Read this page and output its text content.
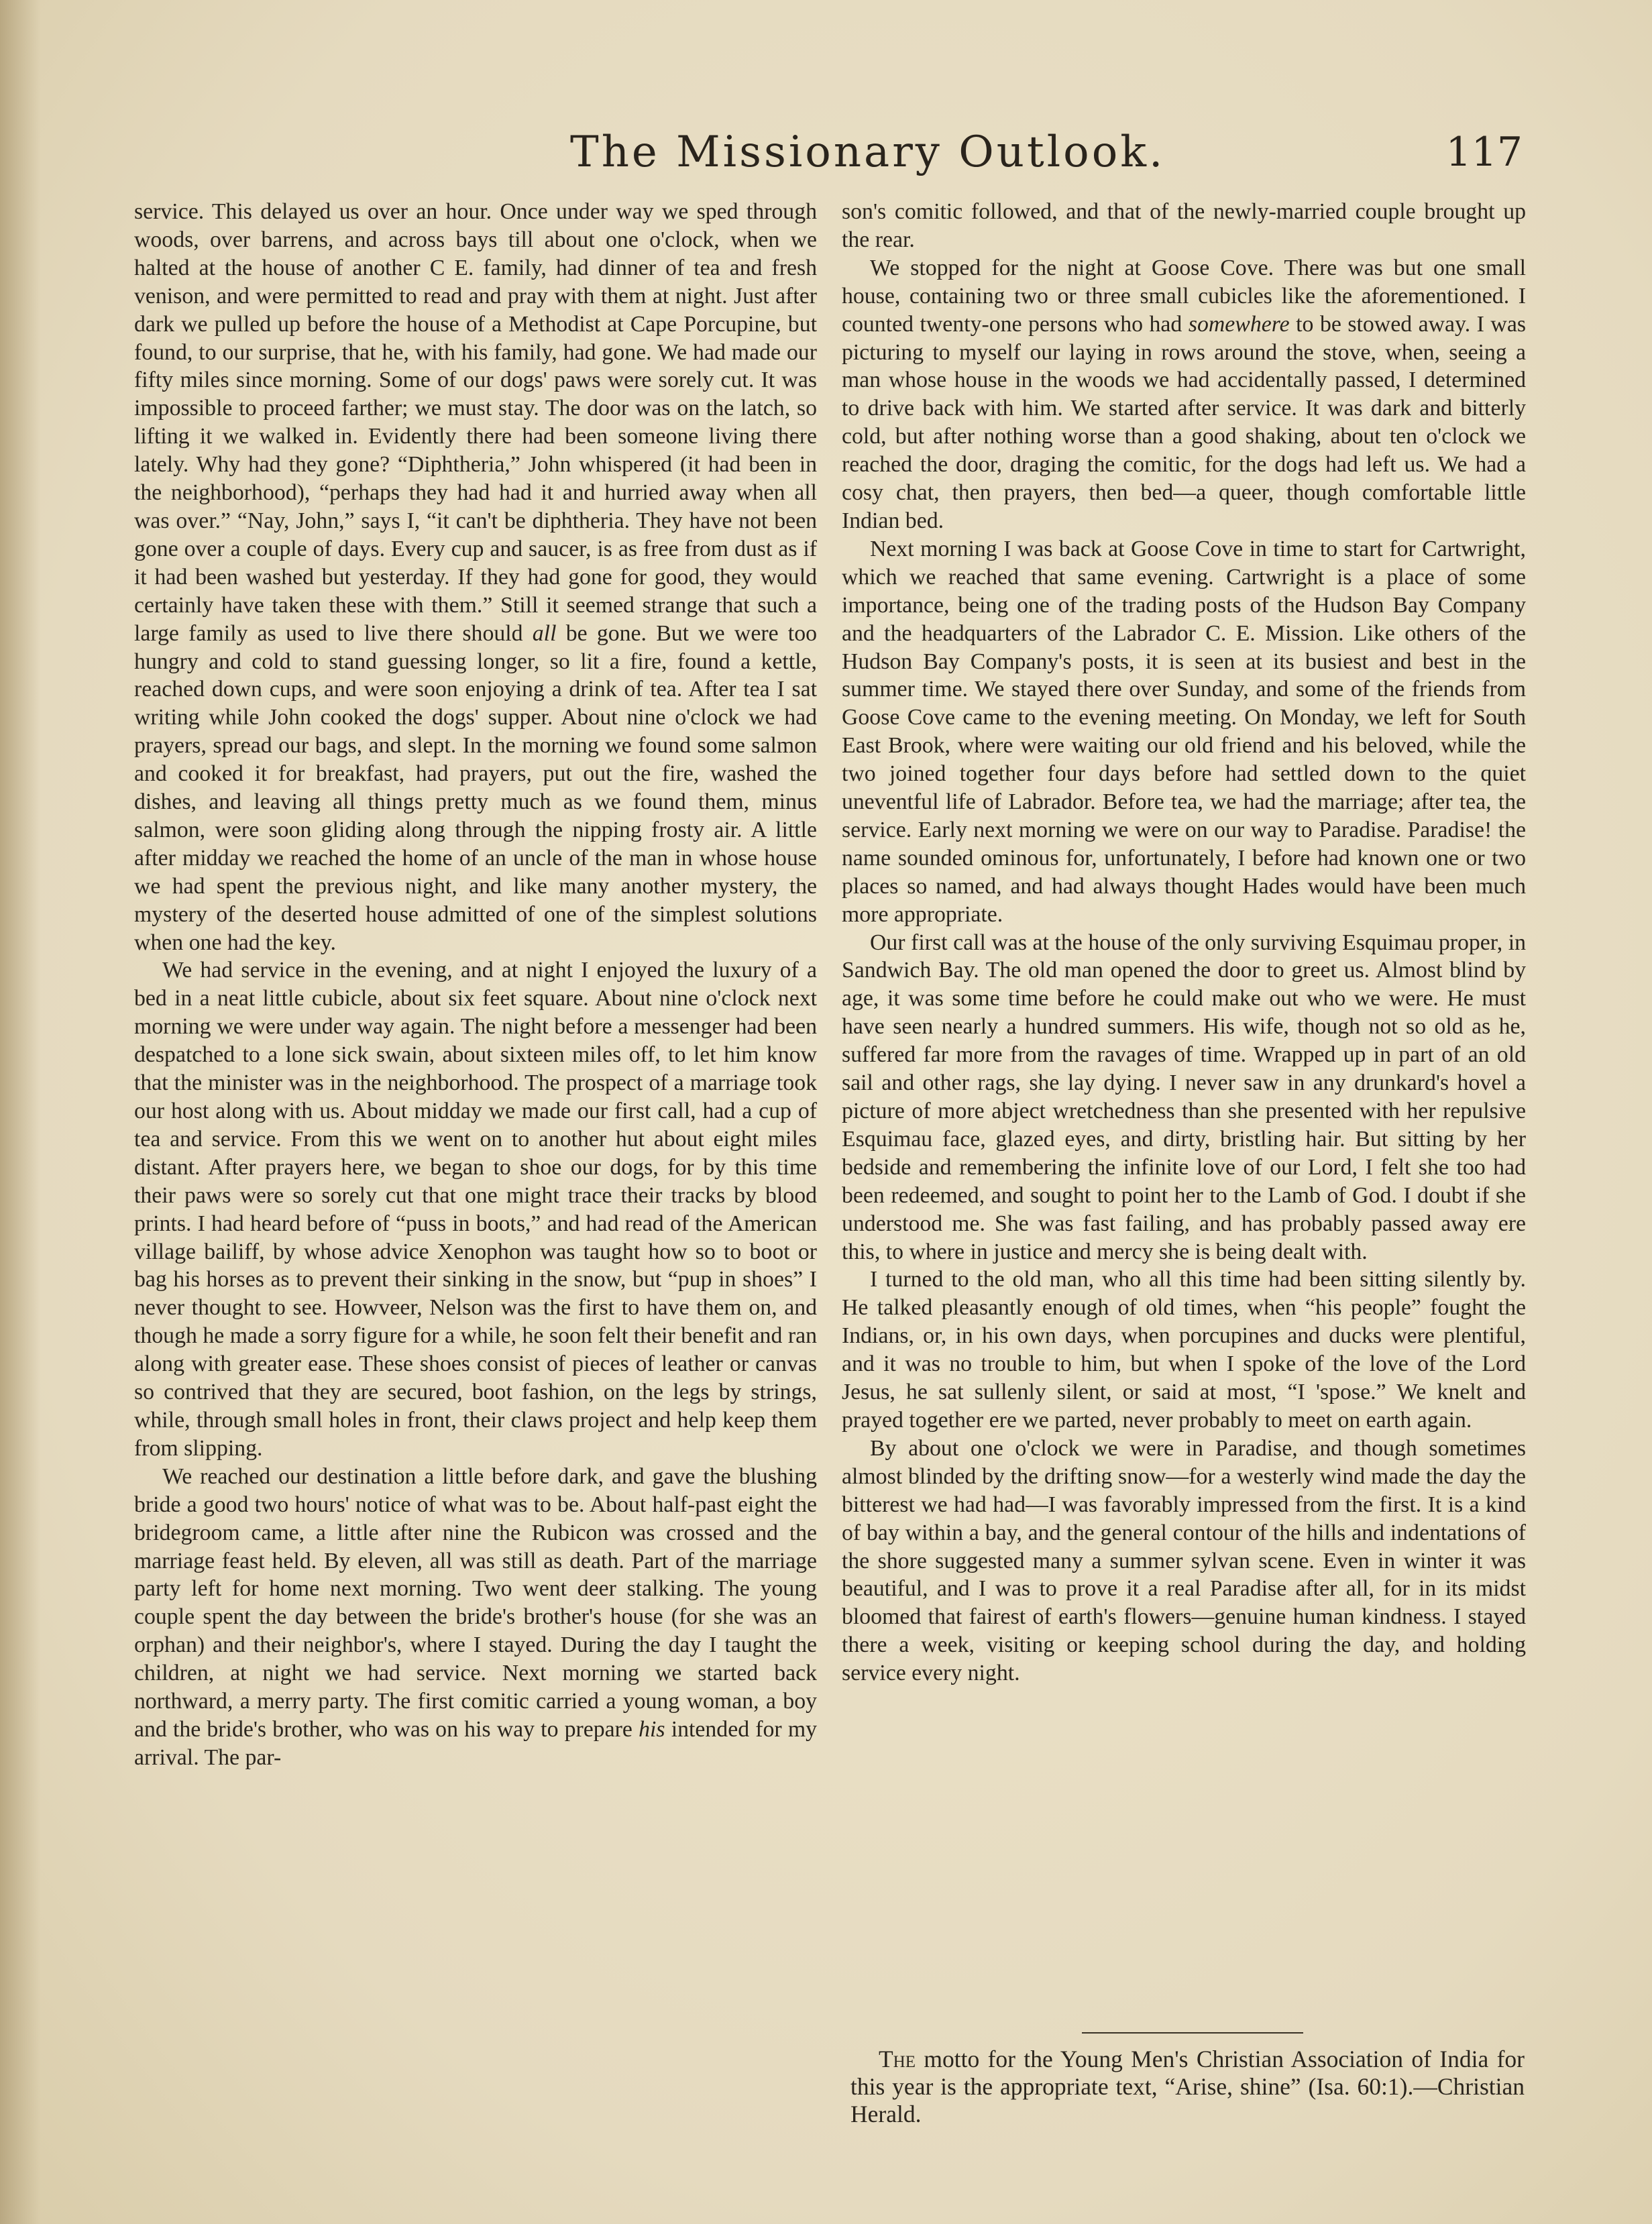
The Missionary Outlook.	117

service. This delayed us over an hour. Once under way we sped through woods, over barrens, and across bays till about one o'clock, when we halted at the house of another C E. family, had dinner of tea and fresh venison, and were permitted to read and pray with them at night. Just after dark we pulled up before the house of a Methodist at Cape Porcupine, but found, to our surprise, that he, with his family, had gone. We had made our fifty miles since morning. Some of our dogs' paws were sorely cut. It was impossible to proceed farther; we must stay. The door was on the latch, so lifting it we walked in. Evidently there had been someone living there lately. Why had they gone? “Diphtheria,” John whispered (it had been in the neighborhood), “perhaps they had had it and hurried away when all was over.” “Nay, John,” says I, “it can't be diphtheria. They have not been gone over a couple of days. Every cup and saucer, is as free from dust as if it had been washed but yesterday. If they had gone for good, they would certainly have taken these with them.” Still it seemed strange that such a large family as used to live there should all be gone. But we were too hungry and cold to stand guessing longer, so lit a fire, found a kettle, reached down cups, and were soon enjoying a drink of tea. After tea I sat writing while John cooked the dogs' supper. About nine o'clock we had prayers, spread our bags, and slept. In the morning we found some salmon and cooked it for breakfast, had prayers, put out the fire, washed the dishes, and leaving all things pretty much as we found them, minus salmon, were soon gliding along through the nipping frosty air. A little after midday we reached the home of an uncle of the man in whose house we had spent the previous night, and like many another mystery, the mystery of the deserted house admitted of one of the simplest solutions when one had the key.

We had service in the evening, and at night I enjoyed the luxury of a bed in a neat little cubicle, about six feet square. About nine o'clock next morning we were under way again. The night before a messenger had been despatched to a lone sick swain, about sixteen miles off, to let him know that the minister was in the neighborhood. The prospect of a marriage took our host along with us. About midday we made our first call, had a cup of tea and service. From this we went on to another hut about eight miles distant. After prayers here, we began to shoe our dogs, for by this time their paws were so sorely cut that one might trace their tracks by blood prints. I had heard before of “puss in boots,” and had read of the American village bailiff, by whose advice Xenophon was taught how so to boot or bag his horses as to prevent their sinking in the snow, but “pup in shoes” I never thought to see. Howveer, Nelson was the first to have them on, and though he made a sorry figure for a while, he soon felt their benefit and ran along with greater ease. These shoes consist of pieces of leather or canvas so contrived that they are secured, boot fashion, on the legs by strings, while, through small holes in front, their claws project and help keep them from slipping.

We reached our destination a little before dark, and gave the blushing bride a good two hours' notice of what was to be. About half-past eight the bridegroom came, a little after nine the Rubicon was crossed and the marriage feast held. By eleven, all was still as death. Part of the marriage party left for home next morning. Two went deer stalking. The young couple spent the day between the bride's brother's house (for she was an orphan) and their neighbor's, where I stayed. During the day I taught the children, at night we had service. Next morning we started back northward, a merry party. The first comitic carried a young woman, a boy and the bride's brother, who was on his way to prepare his intended for my arrival. The par-

son's comitic followed, and that of the newly-married couple brought up the rear.

We stopped for the night at Goose Cove. There was but one small house, containing two or three small cubicles like the aforementioned. I counted twenty-one persons who had somewhere to be stowed away. I was picturing to myself our laying in rows around the stove, when, seeing a man whose house in the woods we had accidentally passed, I determined to drive back with him. We started after service. It was dark and bitterly cold, but after nothing worse than a good shaking, about ten o'clock we reached the door, draging the comitic, for the dogs had left us. We had a cosy chat, then prayers, then bed—a queer, though comfortable little Indian bed.

Next morning I was back at Goose Cove in time to start for Cartwright, which we reached that same evening. Cartwright is a place of some importance, being one of the trading posts of the Hudson Bay Company and the headquarters of the Labrador C. E. Mission. Like others of the Hudson Bay Company's posts, it is seen at its busiest and best in the summer time. We stayed there over Sunday, and some of the friends from Goose Cove came to the evening meeting. On Monday, we left for South East Brook, where were waiting our old friend and his beloved, while the two joined together four days before had settled down to the quiet uneventful life of Labrador. Before tea, we had the marriage; after tea, the service. Early next morning we were on our way to Paradise. Paradise! the name sounded ominous for, unfortunately, I before had known one or two places so named, and had always thought Hades would have been much more appropriate.

Our first call was at the house of the only surviving Esquimau proper, in Sandwich Bay. The old man opened the door to greet us. Almost blind by age, it was some time before he could make out who we were. He must have seen nearly a hundred summers. His wife, though not so old as he, suffered far more from the ravages of time. Wrapped up in part of an old sail and other rags, she lay dying. I never saw in any drunkard's hovel a picture of more abject wretchedness than she presented with her repulsive Esquimau face, glazed eyes, and dirty, bristling hair. But sitting by her bedside and remembering the infinite love of our Lord, I felt she too had been redeemed, and sought to point her to the Lamb of God. I doubt if she understood me. She was fast failing, and has probably passed away ere this, to where in justice and mercy she is being dealt with.

I turned to the old man, who all this time had been sitting silently by. He talked pleasantly enough of old times, when “his people” fought the Indians, or, in his own days, when porcupines and ducks were plentiful, and it was no trouble to him, but when I spoke of the love of the Lord Jesus, he sat sullenly silent, or said at most, “I 'spose.” We knelt and prayed together ere we parted, never probably to meet on earth again.

By about one o'clock we were in Paradise, and though sometimes almost blinded by the drifting snow—for a westerly wind made the day the bitterest we had had—I was favorably impressed from the first. It is a kind of bay within a bay, and the general contour of the hills and indentations of the shore suggested many a summer sylvan scene. Even in winter it was beautiful, and I was to prove it a real Paradise after all, for in its midst bloomed that fairest of earth's flowers—genuine human kindness. I stayed there a week, visiting or keeping school during the day, and holding service every night.

The motto for the Young Men's Christian Association of India for this year is the appropriate text, “Arise, shine” (Isa. 60:1).—Christian Herald.
